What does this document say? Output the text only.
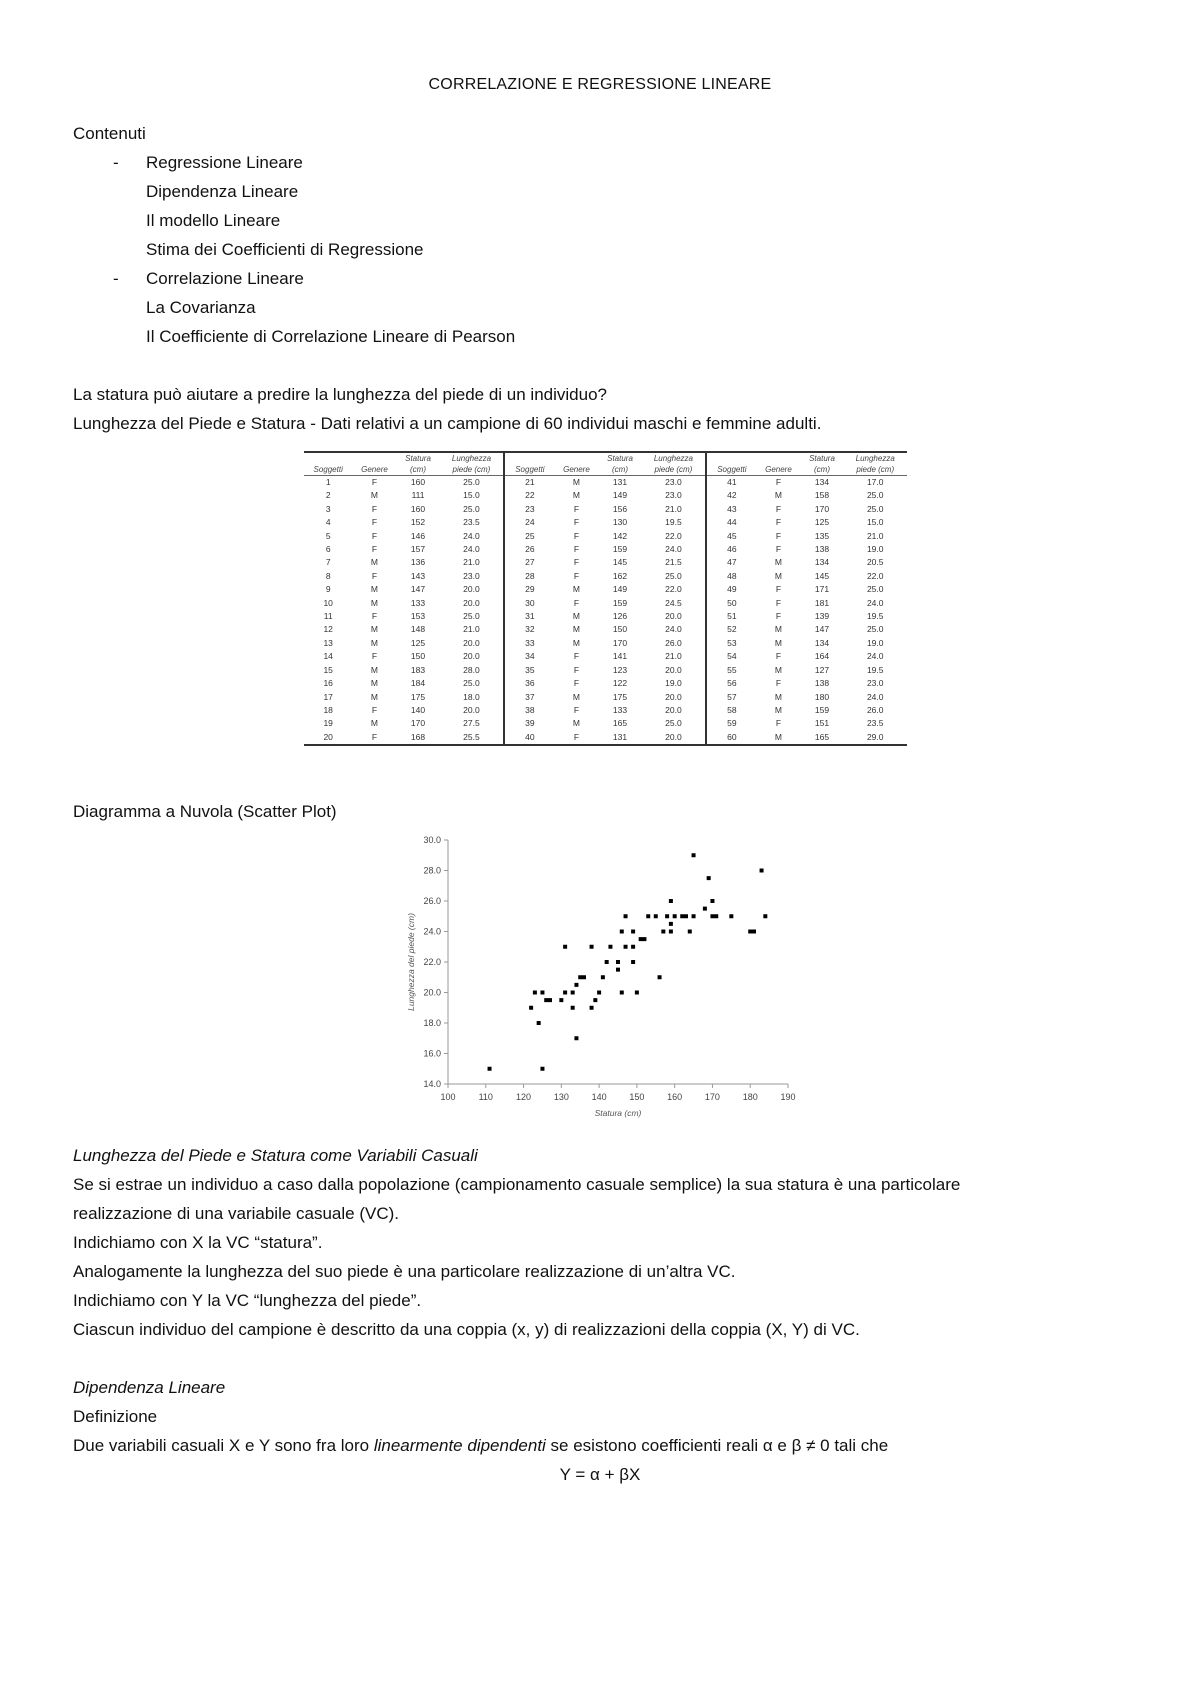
CORRELAZIONE E REGRESSIONE LINEARE
Contenuti
- Regressione Lineare
Dipendenza Lineare
Il modello Lineare
Stima dei Coefficienti di Regressione
- Correlazione Lineare
La Covarianza
Il Coefficiente di Correlazione Lineare di Pearson
La statura può aiutare a predire la lunghezza del piede di un individuo?
Lunghezza del Piede e Statura - Dati relativi a un campione di 60 individui maschi e femmine adulti.
		Statura	Lunghezza			Statura	Lunghezza			Statura	Lunghezza
Soggetti	Genere	(cm)	piede (cm)	Soggetti	Genere	(cm)	piede (cm)	Soggetti	Genere	(cm)	piede (cm)
1	F	160	25.0	21	M	131	23.0	41	F	134	17.0
2	M	111	15.0	22	M	149	23.0	42	M	158	25.0
3	F	160	25.0	23	F	156	21.0	43	F	170	25.0
4	F	152	23.5	24	F	130	19.5	44	F	125	15.0
5	F	146	24.0	25	F	142	22.0	45	F	135	21.0
6	F	157	24.0	26	F	159	24.0	46	F	138	19.0
7	M	136	21.0	27	F	145	21.5	47	M	134	20.5
8	F	143	23.0	28	F	162	25.0	48	M	145	22.0
9	M	147	20.0	29	M	149	22.0	49	F	171	25.0
10	M	133	20.0	30	F	159	24.5	50	F	181	24.0
11	F	153	25.0	31	M	126	20.0	51	F	139	19.5
12	M	148	21.0	32	M	150	24.0	52	M	147	25.0
13	M	125	20.0	33	M	170	26.0	53	M	134	19.0
14	F	150	20.0	34	F	141	21.0	54	F	164	24.0
15	M	183	28.0	35	F	123	20.0	55	M	127	19.5
16	M	184	25.0	36	F	122	19.0	56	F	138	23.0
17	M	175	18.0	37	M	175	20.0	57	M	180	24.0
18	F	140	20.0	38	F	133	20.0	58	M	159	26.0
19	M	170	27.5	39	M	165	25.0	59	F	151	23.5
20	F	168	25.5	40	F	131	20.0	60	M	165	29.0
Diagramma a Nuvola (Scatter Plot)
100	110	120	130	140	150	160	170	180	190
14.0
16.0
18.0
20.0
22.0
24.0
26.0
28.0
30.0
Statura (cm)
Lunghezza del piede (cm)
Lunghezza del Piede e Statura come Variabili Casuali
Se si estrae un individuo a caso dalla popolazione (campionamento casuale semplice) la sua statura è una particolare
realizzazione di una variabile casuale (VC).
Indichiamo con X la VC “statura”.
Analogamente la lunghezza del suo piede è una particolare realizzazione di un’altra VC.
Indichiamo con Y la VC “lunghezza del piede”.
Ciascun individuo del campione è descritto da una coppia (x, y) di realizzazioni della coppia (X, Y) di VC.
Dipendenza Lineare
Definizione
Due variabili casuali X e Y sono fra loro linearmente dipendenti se esistono coefficienti reali α e β ≠ 0 tali che
Y = α + βX
